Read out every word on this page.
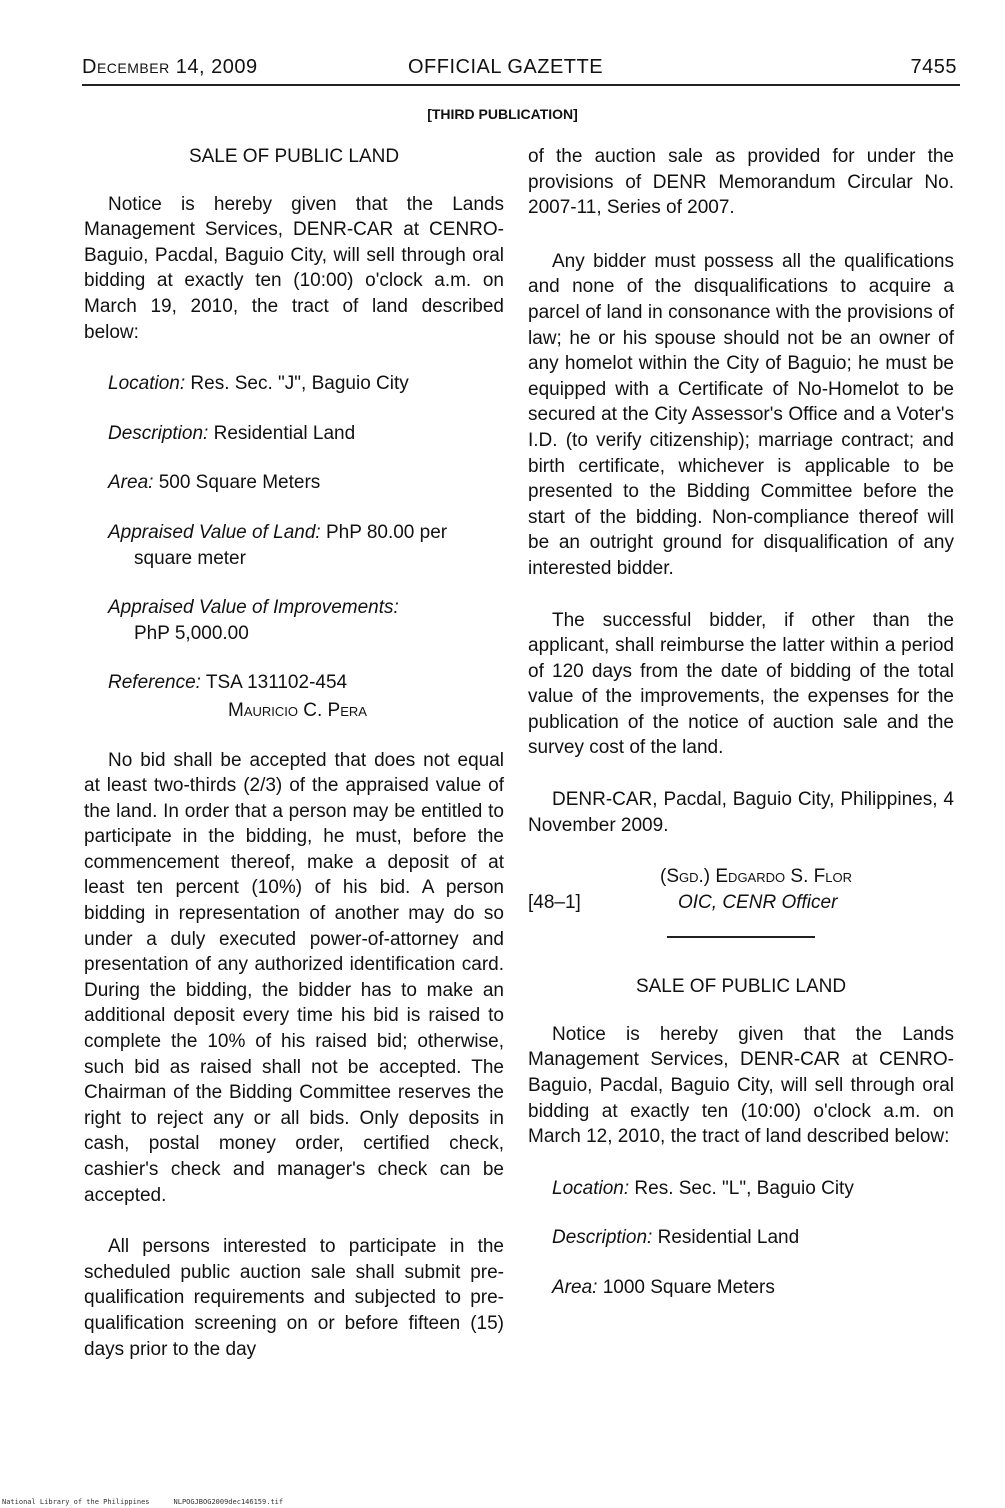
December 14, 2009	OFFICIAL GAZETTE	7455
[THIRD PUBLICATION]
SALE OF PUBLIC LAND

Notice is hereby given that the Lands Management Services, DENR-CAR at CENRO-Baguio, Pacdal, Baguio City, will sell through oral bidding at exactly ten (10:00) o'clock a.m. on March 19, 2010, the tract of land described below:

Location: Res. Sec. "J", Baguio City
Description: Residential Land
Area: 500 Square Meters
Appraised Value of Land: PhP 80.00 per square meter
Appraised Value of Improvements:
PhP 5,000.00
Reference: TSA 131102-454
Mauricio C. Pera

No bid shall be accepted that does not equal at least two-thirds (2/3) of the appraised value of the land. In order that a person may be entitled to participate in the bidding, he must, before the commencement thereof, make a deposit of at least ten percent (10%) of his bid. A person bidding in representation of another may do so under a duly executed power-of-attorney and presentation of any authorized identification card. During the bidding, the bidder has to make an additional deposit every time his bid is raised to complete the 10% of his raised bid; otherwise, such bid as raised shall not be accepted. The Chairman of the Bidding Committee reserves the right to reject any or all bids. Only deposits in cash, postal money order, certified check, cashier's check and manager's check can be accepted.

All persons interested to participate in the scheduled public auction sale shall submit pre-qualification requirements and subjected to pre-qualification screening on or before fifteen (15) days prior to the day

of the auction sale as provided for under the provisions of DENR Memorandum Circular No. 2007-11, Series of 2007.

Any bidder must possess all the qualifications and none of the disqualifications to acquire a parcel of land in consonance with the provisions of law; he or his spouse should not be an owner of any homelot within the City of Baguio; he must be equipped with a Certificate of No-Homelot to be secured at the City Assessor's Office and a Voter's I.D. (to verify citizenship); marriage contract; and birth certificate, whichever is applicable to be presented to the Bidding Committee before the start of the bidding. Non-compliance thereof will be an outright ground for disqualification of any interested bidder.

The successful bidder, if other than the applicant, shall reimburse the latter within a period of 120 days from the date of bidding of the total value of the improvements, the expenses for the publication of the notice of auction sale and the survey cost of the land.

DENR-CAR, Pacdal, Baguio City, Philippines, 4 November 2009.

(Sgd.) Edgardo S. Flor
[48–1]	OIC, CENR Officer
SALE OF PUBLIC LAND

Notice is hereby given that the Lands Management Services, DENR-CAR at CENRO-Baguio, Pacdal, Baguio City, will sell through oral bidding at exactly ten (10:00) o'clock a.m. on March 12, 2010, the tract of land described below:

Location: Res. Sec. "L", Baguio City
Description: Residential Land
Area: 1000 Square Meters
National Library of the Philippines	NLPOGJBOG2009dec146159.tif
